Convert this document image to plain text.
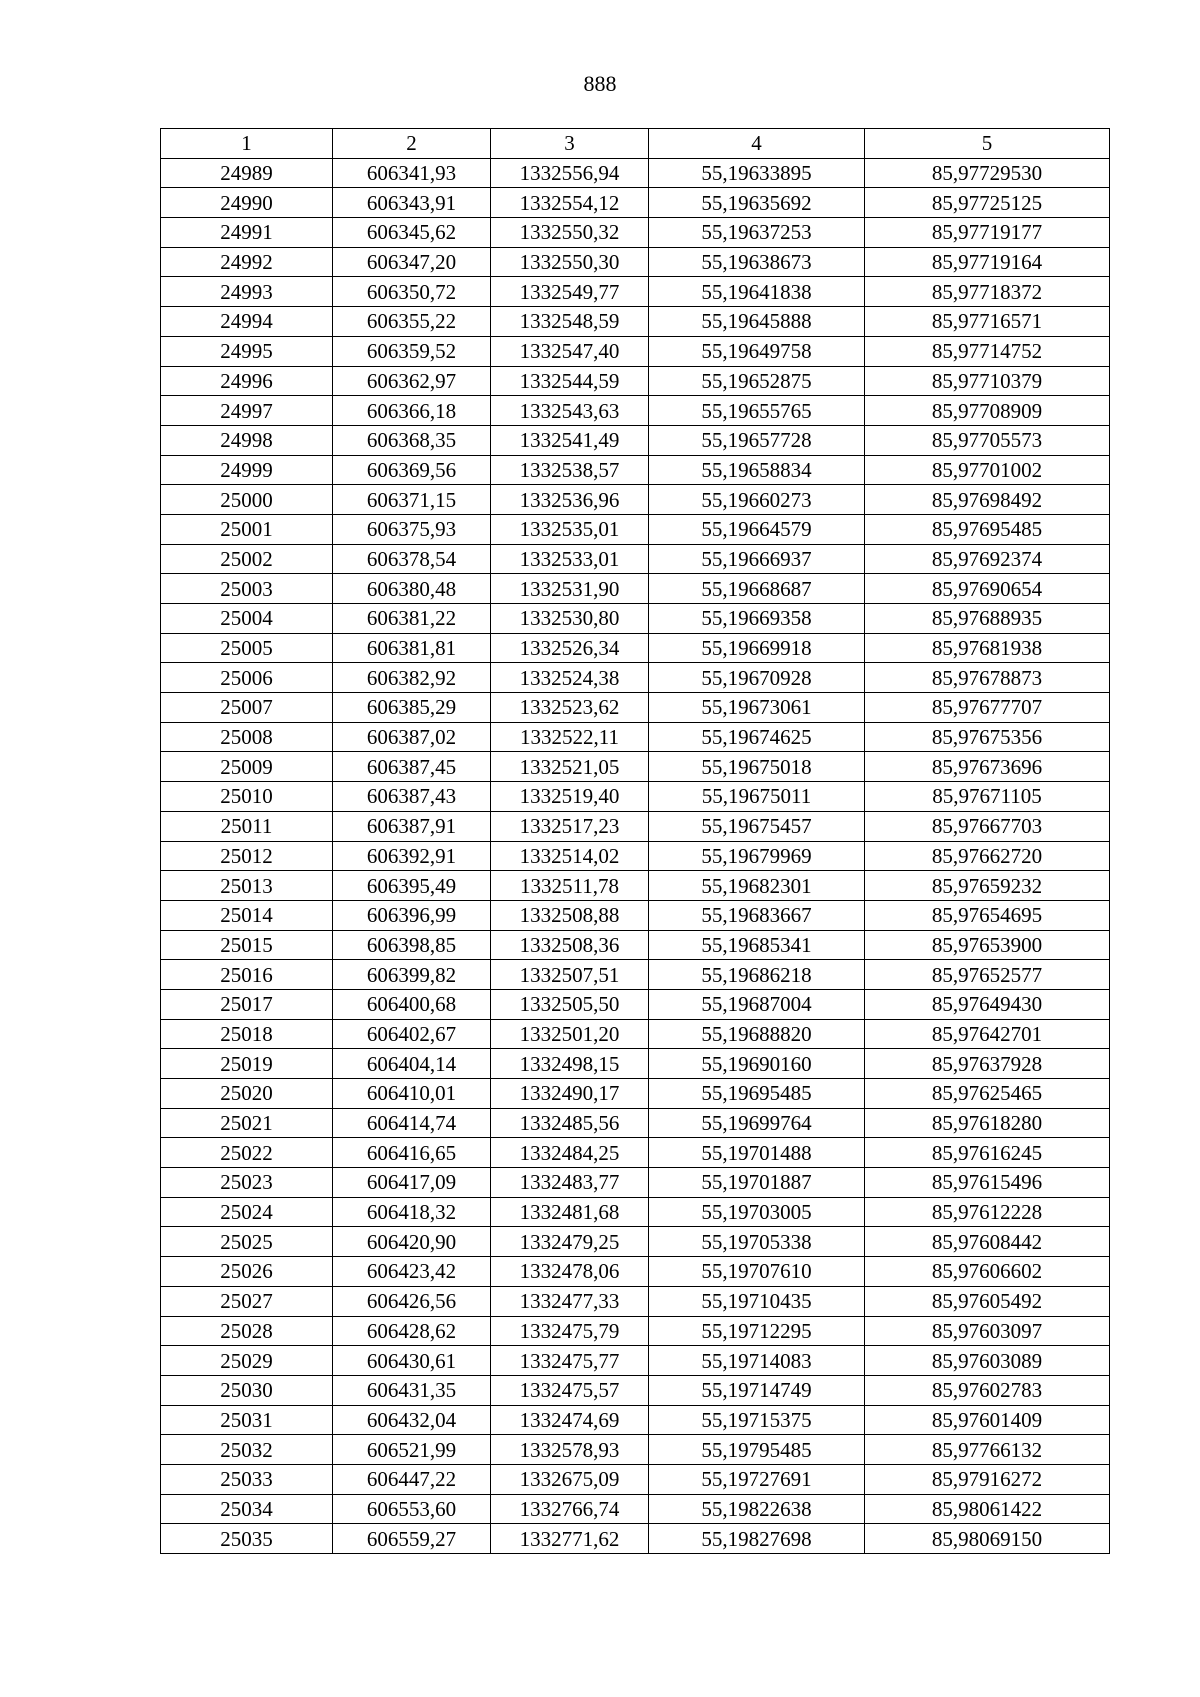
888
1	2	3	4	5
24989	606341,93	1332556,94	55,19633895	85,97729530
24990	606343,91	1332554,12	55,19635692	85,97725125
24991	606345,62	1332550,32	55,19637253	85,97719177
24992	606347,20	1332550,30	55,19638673	85,97719164
24993	606350,72	1332549,77	55,19641838	85,97718372
24994	606355,22	1332548,59	55,19645888	85,97716571
24995	606359,52	1332547,40	55,19649758	85,97714752
24996	606362,97	1332544,59	55,19652875	85,97710379
24997	606366,18	1332543,63	55,19655765	85,97708909
24998	606368,35	1332541,49	55,19657728	85,97705573
24999	606369,56	1332538,57	55,19658834	85,97701002
25000	606371,15	1332536,96	55,19660273	85,97698492
25001	606375,93	1332535,01	55,19664579	85,97695485
25002	606378,54	1332533,01	55,19666937	85,97692374
25003	606380,48	1332531,90	55,19668687	85,97690654
25004	606381,22	1332530,80	55,19669358	85,97688935
25005	606381,81	1332526,34	55,19669918	85,97681938
25006	606382,92	1332524,38	55,19670928	85,97678873
25007	606385,29	1332523,62	55,19673061	85,97677707
25008	606387,02	1332522,11	55,19674625	85,97675356
25009	606387,45	1332521,05	55,19675018	85,97673696
25010	606387,43	1332519,40	55,19675011	85,97671105
25011	606387,91	1332517,23	55,19675457	85,97667703
25012	606392,91	1332514,02	55,19679969	85,97662720
25013	606395,49	1332511,78	55,19682301	85,97659232
25014	606396,99	1332508,88	55,19683667	85,97654695
25015	606398,85	1332508,36	55,19685341	85,97653900
25016	606399,82	1332507,51	55,19686218	85,97652577
25017	606400,68	1332505,50	55,19687004	85,97649430
25018	606402,67	1332501,20	55,19688820	85,97642701
25019	606404,14	1332498,15	55,19690160	85,97637928
25020	606410,01	1332490,17	55,19695485	85,97625465
25021	606414,74	1332485,56	55,19699764	85,97618280
25022	606416,65	1332484,25	55,19701488	85,97616245
25023	606417,09	1332483,77	55,19701887	85,97615496
25024	606418,32	1332481,68	55,19703005	85,97612228
25025	606420,90	1332479,25	55,19705338	85,97608442
25026	606423,42	1332478,06	55,19707610	85,97606602
25027	606426,56	1332477,33	55,19710435	85,97605492
25028	606428,62	1332475,79	55,19712295	85,97603097
25029	606430,61	1332475,77	55,19714083	85,97603089
25030	606431,35	1332475,57	55,19714749	85,97602783
25031	606432,04	1332474,69	55,19715375	85,97601409
25032	606521,99	1332578,93	55,19795485	85,97766132
25033	606447,22	1332675,09	55,19727691	85,97916272
25034	606553,60	1332766,74	55,19822638	85,98061422
25035	606559,27	1332771,62	55,19827698	85,98069150
